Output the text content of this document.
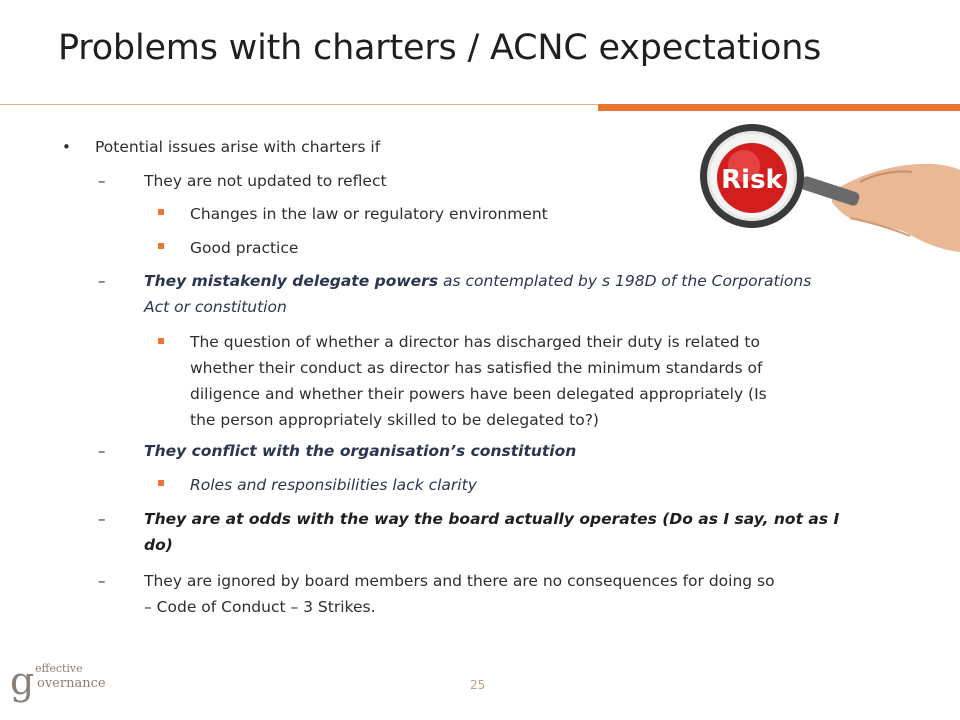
Problems with charters / ACNC expectations
Risk
• Potential issues arise with charters if
– They are not updated to reflect
Changes in the law or regulatory environment
Good practice
– They mistakenly delegate powers as contemplated by s 198D of the Corporations
Act or constitution
The question of whether a director has discharged their duty is related to
whether their conduct as director has satisfied the minimum standards of
diligence and whether their powers have been delegated appropriately (Is
the person appropriately skilled to be delegated to?)
– They conflict with the organisation’s constitution
Roles and responsibilities lack clarity
– They are at odds with the way the board actually operates (Do as I say, not as I
do)
– They are ignored by board members and there are no consequences for doing so
– Code of Conduct – 3 Strikes.
g effective
overnance	25
